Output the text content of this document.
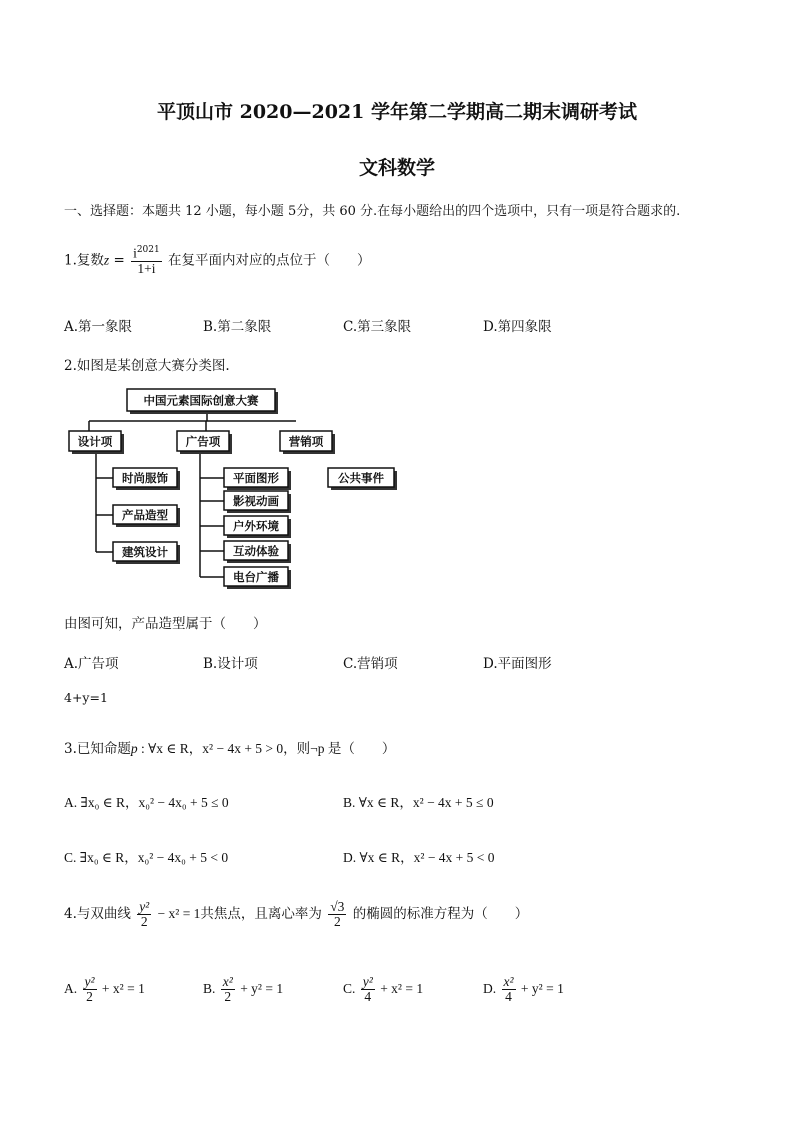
平顶山市 2020—2021 学年第二学期高二期末调研考试
文科数学
一、选择题：本题共 12 小题，每小题 5分，共 60 分.在每小题给出的四个选项中，只有一项是符合题求的.
1.复数$z = \frac{i^{2021}}{1+i}$ 在复平面内对应的点位于（　　）
A.第一象限	B.第二象限	C.第三象限	D.第四象限
2.如图是某创意大赛分类图.
中国元素国际创意大赛
设计项	广告项	营销项
时尚服饰
产品造型
建筑设计
平面图形
影视动画
户外环境
互动体验
电台广播
公共事件
由图可知，产品造型属于（　　）
A.广告项	B.设计项	C.营销项	D.平面图形
4+y=1
3.已知命题p : ∀x ∈ R，x² − 4x + 5 > 0，则¬p 是（　　）
A. ∃x₀ ∈ R，x₀² − 4x₀ + 5 ≤ 0	B. ∀x ∈ R，x² − 4x + 5 ≤ 0
C. ∃x₀ ∈ R，x₀² − 4x₀ + 5 < 0	D. ∀x ∈ R，x² − 4x + 5 < 0
4.与双曲线 $\frac{\text{y²}}{2} - x^2 = 1$共焦点，且离心率为 $\frac{√3}{2}$ 的椭圆的标准方程为（　　）
A. $\frac{\text{y²}}{2} + x^2 = 1$	B. $\frac{\text{x²}}{2} + y^2 = 1$	C. $\frac{\text{y²}}{4} + x^2 = 1$	D. $\frac{\text{x²}}{4} + y^2 = 1$
